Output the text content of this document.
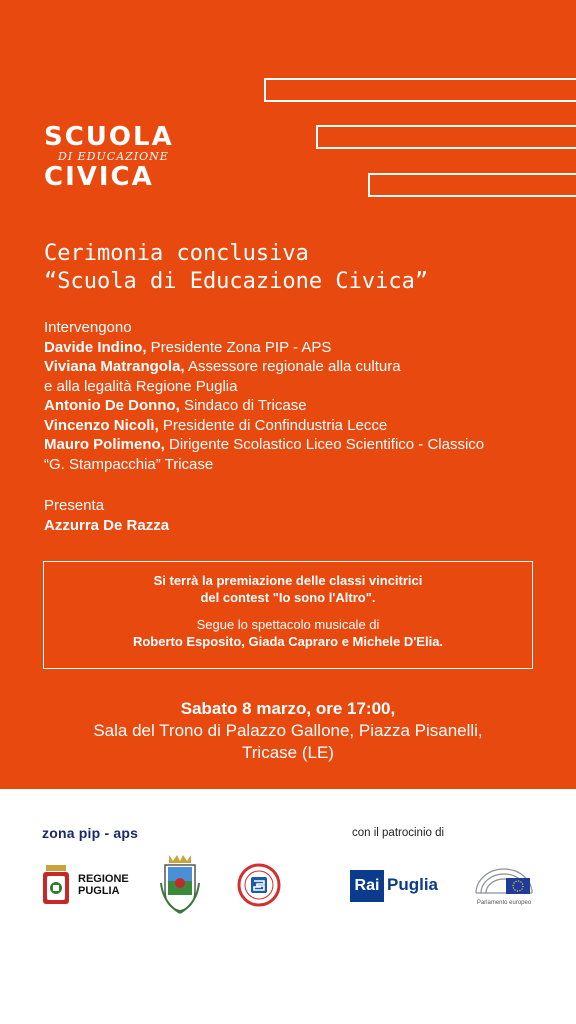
SCUOLA
DI EDUCAZIONE
CIVICA
Cerimonia conclusiva
“Scuola di Educazione Civica”
Intervengono
Davide Indino, Presidente Zona PIP - APS
Viviana Matrangola, Assessore regionale alla cultura
e alla legalità Regione Puglia
Antonio De Donno, Sindaco di Tricase
Vincenzo Nicolì, Presidente di Confindustria Lecce
Mauro Polimeno, Dirigente Scolastico Liceo Scientifico - Classico
“G. Stampacchia” Tricase
Presenta
Azzurra De Razza
Si terrà la premiazione delle classi vincitrici
del contest "Io sono l'Altro".
Segue lo spettacolo musicale di
Roberto Esposito, Giada Capraro e Michele D'Elia.
Sabato 8 marzo, ore 17:00,
Sala del Trono di Palazzo Gallone, Piazza Pisanelli,
Tricase (LE)
zona pip - aps	con il patrocinio di
REGIONE
PUGLIA	Rai Puglia
Parlamento europeo
